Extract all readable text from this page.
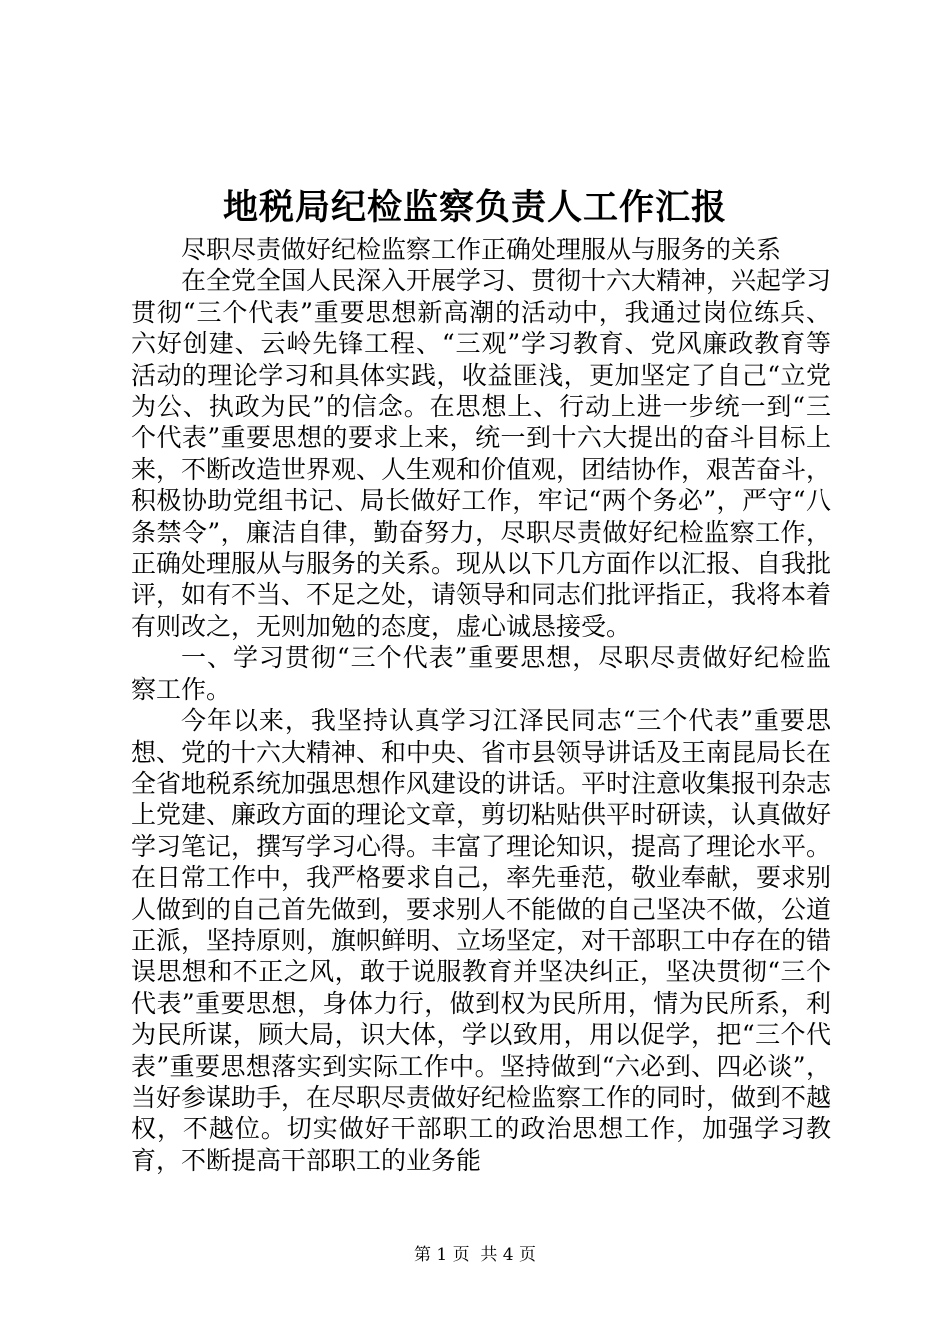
地税局纪检监察负责人工作汇报

尽职尽责做好纪检监察工作正确处理服从与服务的关系

在全党全国人民深入开展学习、贯彻十六大精神，兴起学习贯彻“三个代表”重要思想新高潮的活动中，我通过岗位练兵、六好创建、云岭先锋工程、“三观”学习教育、党风廉政教育等活动的理论学习和具体实践，收益匪浅，更加坚定了自己“立党为公、执政为民”的信念。在思想上、行动上进一步统一到“三个代表”重要思想的要求上来，统一到十六大提出的奋斗目标上来，不断改造世界观、人生观和价值观，团结协作，艰苦奋斗，积极协助党组书记、局长做好工作，牢记“两个务必”，严守“八条禁令”，廉洁自律，勤奋努力，尽职尽责做好纪检监察工作，正确处理服从与服务的关系。现从以下几方面作以汇报、自我批评，如有不当、不足之处，请领导和同志们批评指正，我将本着有则改之，无则加勉的态度，虚心诚恳接受。

一、学习贯彻“三个代表”重要思想，尽职尽责做好纪检监察工作。

今年以来，我坚持认真学习江泽民同志“三个代表”重要思想、党的十六大精神、和中央、省市县领导讲话及王南昆局长在全省地税系统加强思想作风建设的讲话。平时注意收集报刊杂志上党建、廉政方面的理论文章，剪切粘贴供平时研读，认真做好学习笔记，撰写学习心得。丰富了理论知识，提高了理论水平。在日常工作中，我严格要求自己，率先垂范，敬业奉献，要求别人做到的自己首先做到，要求别人不能做的自己坚决不做，公道正派，坚持原则，旗帜鲜明、立场坚定，对干部职工中存在的错误思想和不正之风，敢于说服教育并坚决纠正，坚决贯彻“三个代表”重要思想，身体力行，做到权为民所用，情为民所系，利为民所谋，顾大局，识大体，学以致用，用以促学，把“三个代表”重要思想落实到实际工作中。坚持做到“六必到、四必谈”，当好参谋助手，在尽职尽责做好纪检监察工作的同时，做到不越权，不越位。切实做好干部职工的政治思想工作，加强学习教育，不断提高干部职工的业务能

第 1 页  共 4 页
